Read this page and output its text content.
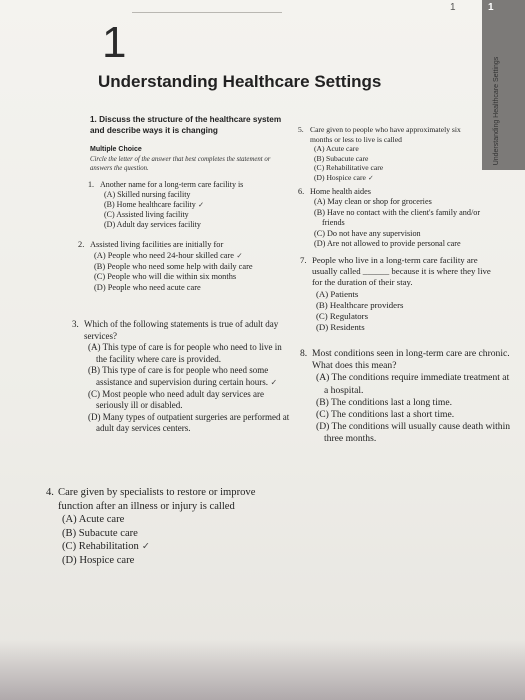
1	1
Understanding Healthcare Settings
1
Understanding Healthcare Settings
1. Discuss the structure of the healthcare system and describe ways it is changing
Multiple Choice
Circle the letter of the answer that best completes the statement or answers the question.
1. Another name for a long-term care facility is
(A) Skilled nursing facility
(B) Home healthcare facility ✓
(C) Assisted living facility
(D) Adult day services facility
2. Assisted living facilities are initially for
(A) People who need 24-hour skilled care ✓
(B) People who need some help with daily care
(C) People who will die within six months
(D) People who need acute care
3. Which of the following statements is true of adult day services?
(A) This type of care is for people who need to live in the facility where care is provided.
(B) This type of care is for people who need some assistance and supervision during certain hours. ✓
(C) Most people who need adult day services are seriously ill or disabled.
(D) Many types of outpatient surgeries are performed at adult day services centers.
4. Care given by specialists to restore or improve function after an illness or injury is called
(A) Acute care
(B) Subacute care
(C) Rehabilitation ✓
(D) Hospice care
5. Care given to people who have approximately six months or less to live is called
(A) Acute care
(B) Subacute care
(C) Rehabilitative care
(D) Hospice care ✓
6. Home health aides
(A) May clean or shop for groceries
(B) Have no contact with the client's family and/or friends
(C) Do not have any supervision
(D) Are not allowed to provide personal care
7. People who live in a long-term care facility are usually called ______ because it is where they live for the duration of their stay.
(A) Patients
(B) Healthcare providers
(C) Regulators
(D) Residents
8. Most conditions seen in long-term care are chronic. What does this mean?
(A) The conditions require immediate treatment at a hospital.
(B) The conditions last a long time.
(C) The conditions last a short time.
(D) The conditions will usually cause death within three months.
